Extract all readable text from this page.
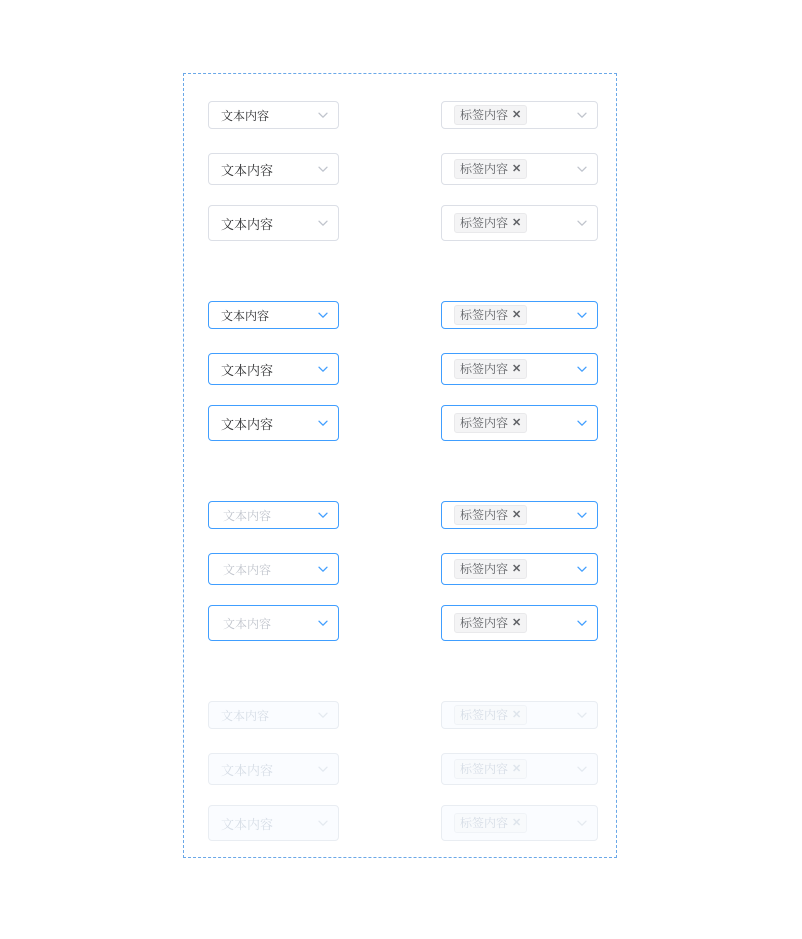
文本内容	标签内容 ✕
文本内容	标签内容 ✕
文本内容	标签内容 ✕
文本内容	标签内容 ✕
文本内容	标签内容 ✕
文本内容	标签内容 ✕
文本内容	标签内容 ✕
文本内容	标签内容 ✕
文本内容	标签内容 ✕
文本内容	标签内容 ✕
文本内容	标签内容 ✕
文本内容	标签内容 ✕
